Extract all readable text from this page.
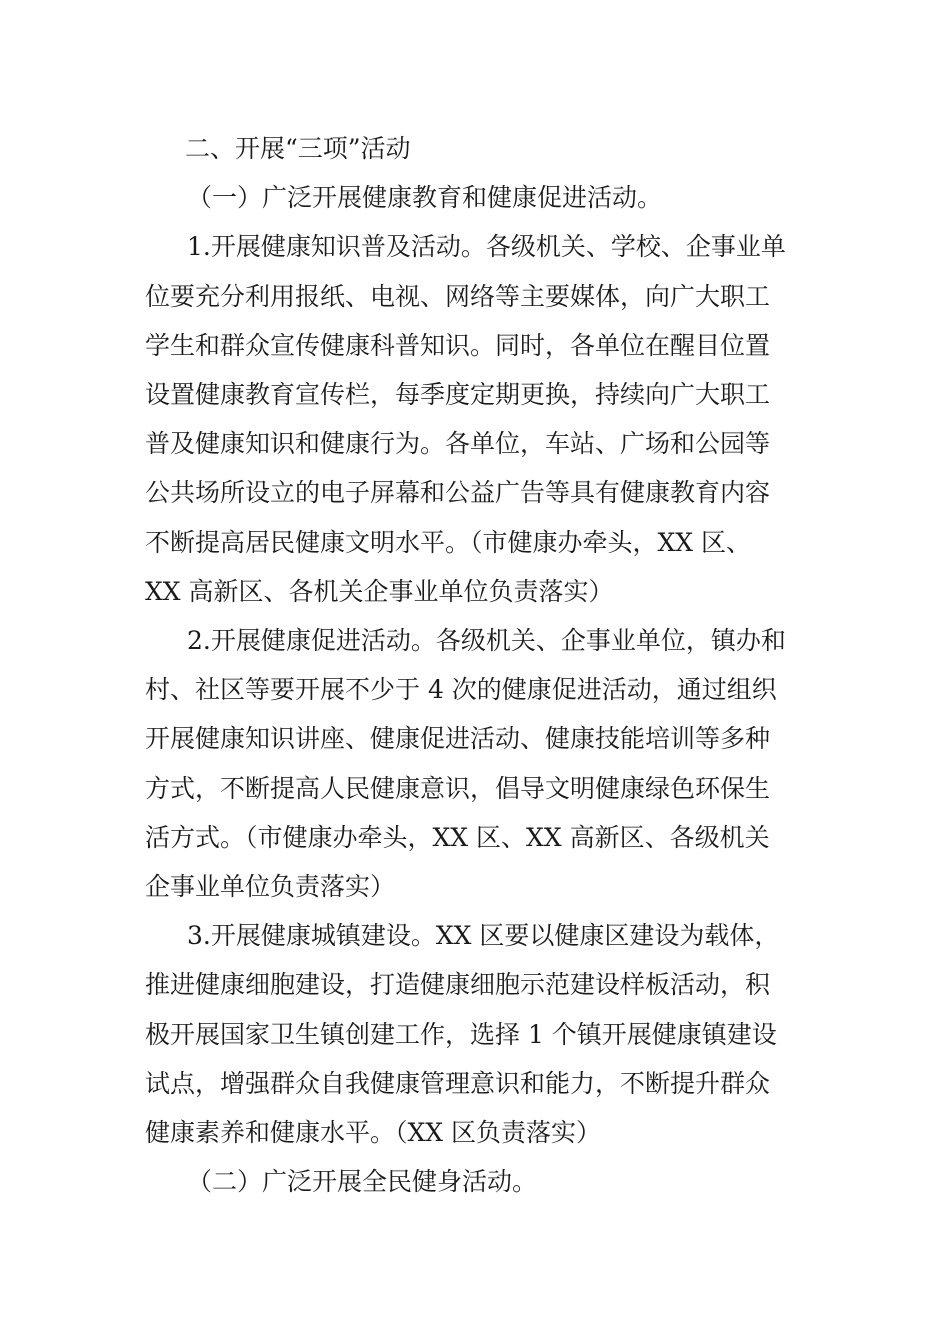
二、开展“三项”活动

（一）广泛开展健康教育和健康促进活动。

1.开展健康知识普及活动。各级机关、学校、企事业单

位要充分利用报纸、电视、网络等主要媒体，向广大职工

学生和群众宣传健康科普知识。同时，各单位在醒目位置

设置健康教育宣传栏，每季度定期更换，持续向广大职工

普及健康知识和健康行为。各单位，车站、广场和公园等

公共场所设立的电子屏幕和公益广告等具有健康教育内容

不断提高居民健康文明水平。（市健康办牵头，XX 区、

XX 高新区、各机关企事业单位负责落实）

2.开展健康促进活动。各级机关、企事业单位，镇办和

村、社区等要开展不少于 4 次的健康促进活动，通过组织

开展健康知识讲座、健康促进活动、健康技能培训等多种

方式，不断提高人民健康意识，倡导文明健康绿色环保生

活方式。（市健康办牵头，XX 区、XX 高新区、各级机关

企事业单位负责落实）

3.开展健康城镇建设。XX 区要以健康区建设为载体，

推进健康细胞建设，打造健康细胞示范建设样板活动，积

极开展国家卫生镇创建工作，选择 1 个镇开展健康镇建设

试点，增强群众自我健康管理意识和能力，不断提升群众

健康素养和健康水平。（XX 区负责落实）

（二）广泛开展全民健身活动。
